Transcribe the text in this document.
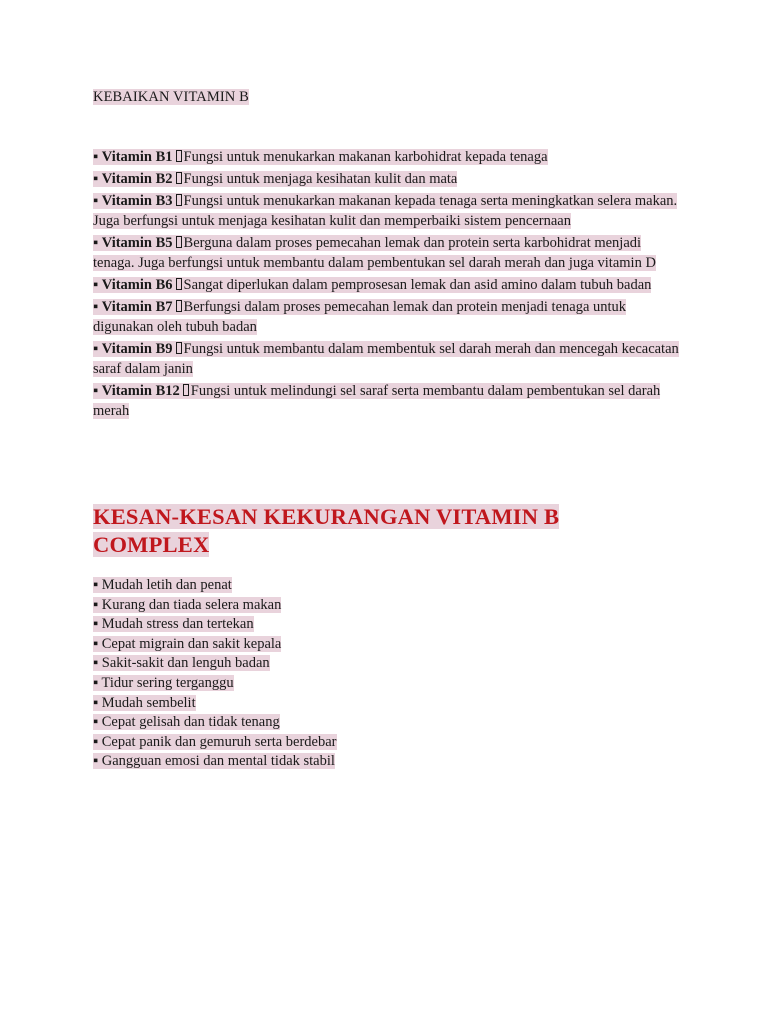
KEBAIKAN VITAMIN B
▪ Vitamin B1 Fungsi untuk menukarkan makanan karbohidrat kepada tenaga
▪ Vitamin B2 Fungsi untuk menjaga kesihatan kulit dan mata
▪ Vitamin B3 Fungsi untuk menukarkan makanan kepada tenaga serta meningkatkan selera makan. Juga berfungsi untuk menjaga kesihatan kulit dan memperbaiki sistem pencernaan
▪ Vitamin B5 Berguna dalam proses pemecahan lemak dan protein serta karbohidrat menjadi tenaga. Juga berfungsi untuk membantu dalam pembentukan sel darah merah dan juga vitamin D
▪ Vitamin B6 Sangat diperlukan dalam pemprosesan lemak dan asid amino dalam tubuh badan
▪ Vitamin B7 Berfungsi dalam proses pemecahan lemak dan protein menjadi tenaga untuk digunakan oleh tubuh badan
▪ Vitamin B9 Fungsi untuk membantu dalam membentuk sel darah merah dan mencegah kecacatan saraf dalam janin
▪ Vitamin B12 Fungsi untuk melindungi sel saraf serta membantu dalam pembentukan sel darah merah
KESAN-KESAN KEKURANGAN VITAMIN B COMPLEX
▪ Mudah letih dan penat
▪ Kurang dan tiada selera makan
▪ Mudah stress dan tertekan
▪ Cepat migrain dan sakit kepala
▪ Sakit-sakit dan lenguh badan
▪ Tidur sering terganggu
▪ Mudah sembelit
▪ Cepat gelisah dan tidak tenang
▪ Cepat panik dan gemuruh serta berdebar
▪ Gangguan emosi dan mental tidak stabil
